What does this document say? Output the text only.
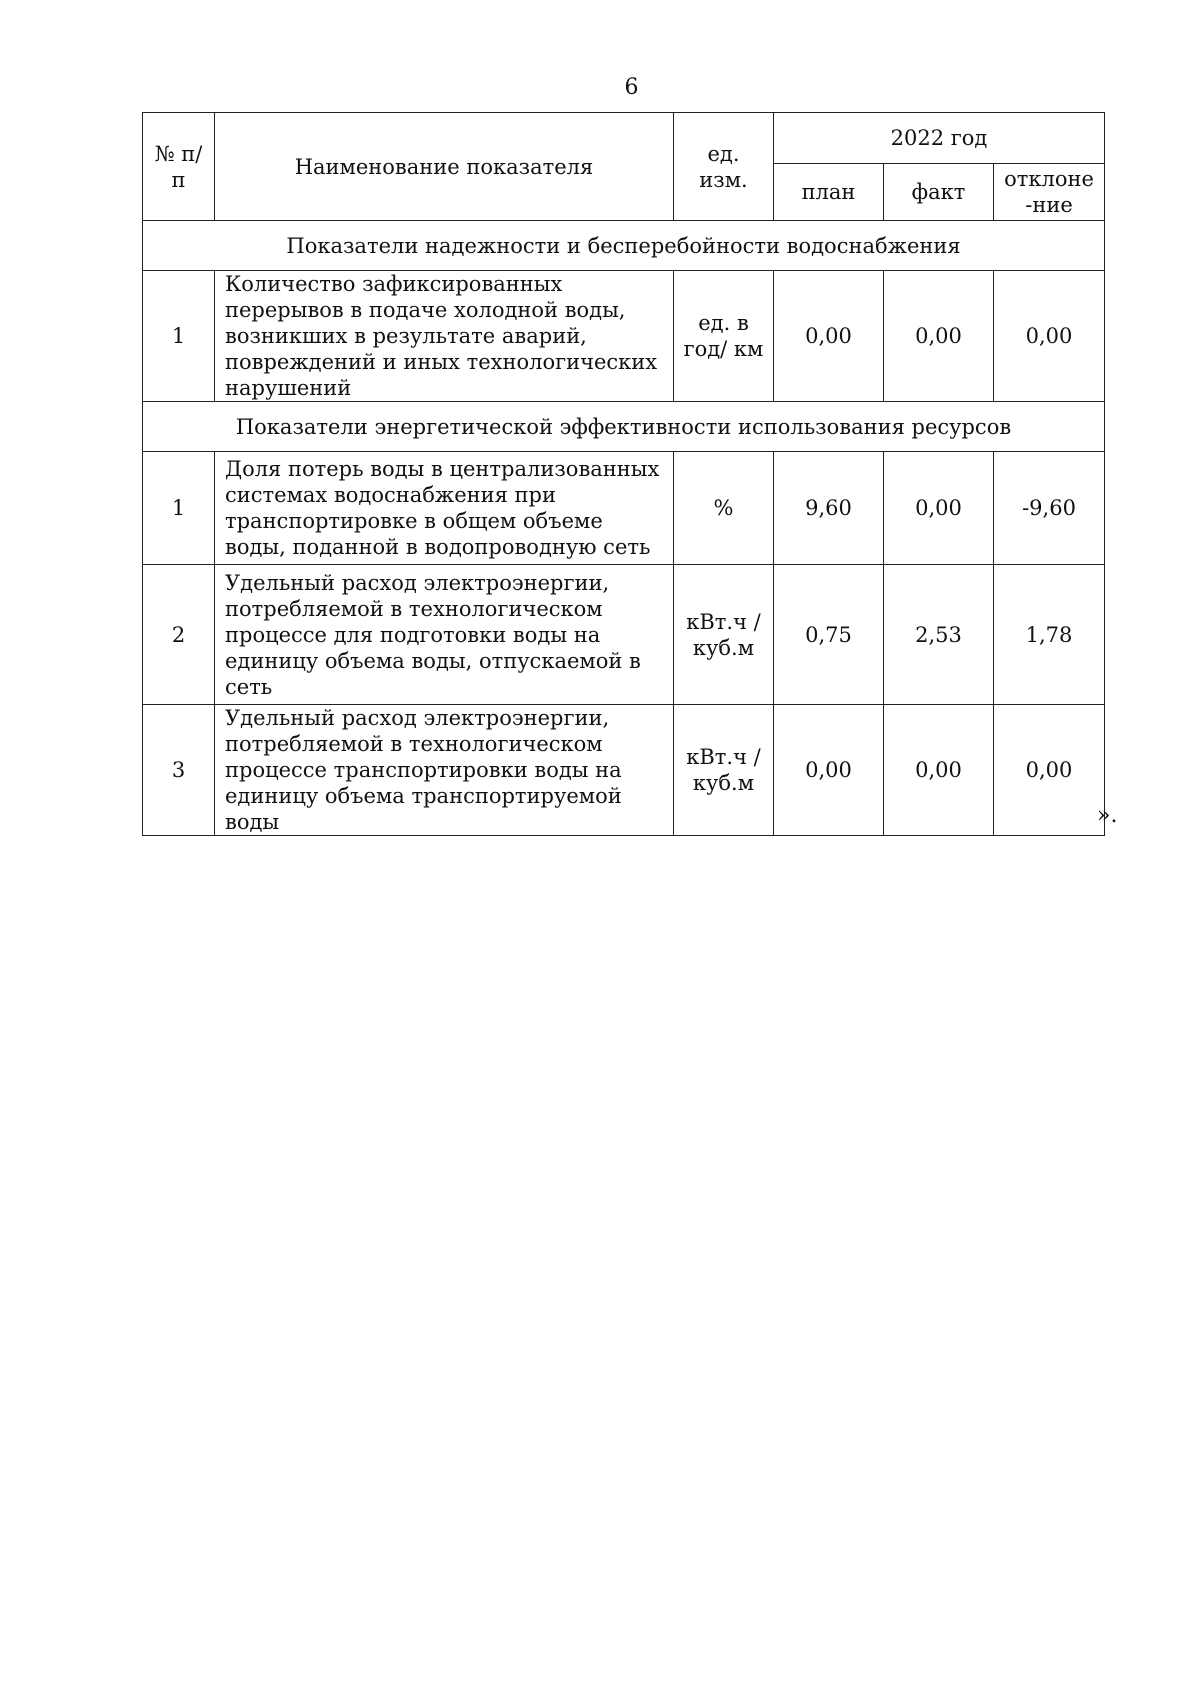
6
№ п/п	Наименование показателя	ед. изм.	2022 год		
			план	факт	отклоне -ние
Показатели надежности и бесперебойности водоснабжения					
1	Количество зафиксированных перерывов в подаче холодной воды, возникших в результате аварий, повреждений и иных технологических нарушений	ед. в год/ км	0,00	0,00	0,00
Показатели энергетической эффективности использования ресурсов					
1	Доля потерь воды в централизованных системах водоснабжения при транспортировке в общем объеме воды, поданной в водопроводную сеть	%	9,60	0,00	-9,60
2	Удельный расход электроэнергии, потребляемой в технологическом процессе для подготовки воды на единицу объема воды, отпускаемой в сеть	кВт.ч / куб.м	0,75	2,53	1,78
3	Удельный расход электроэнергии, потребляемой в технологическом процессе транспортировки воды на единицу объема транспортируемой воды	кВт.ч / куб.м	0,00	0,00	0,00
».
